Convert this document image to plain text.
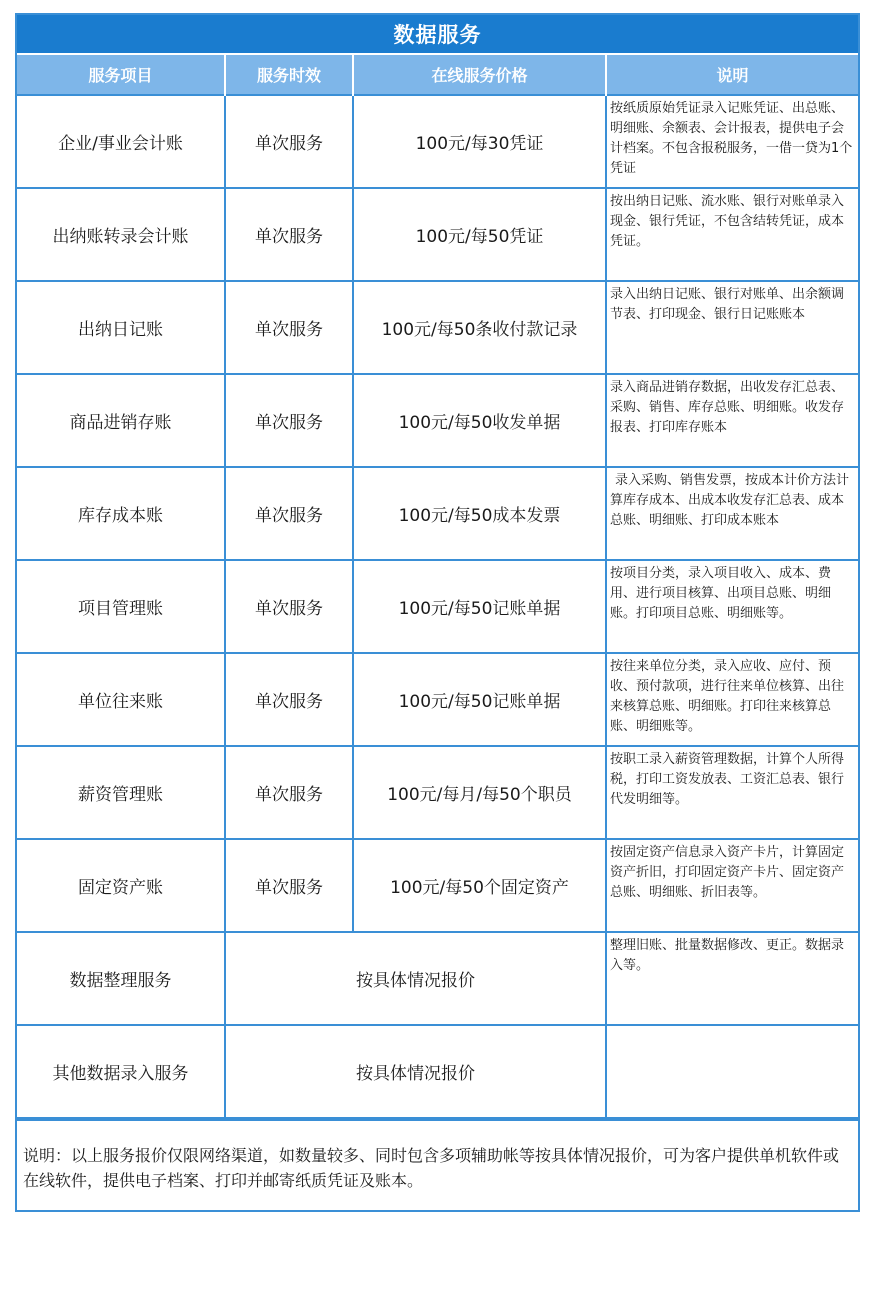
数据服务
服务项目	服务时效	在线服务价格	说明
企业/事业会计账	单次服务	100元/每30凭证	按纸质原始凭证录入记账凭证、出总账、明细账、余额表、会计报表，提供电子会计档案。不包含报税服务，一借一贷为1个凭证
出纳账转录会计账	单次服务	100元/每50凭证	按出纳日记账、流水账、银行对账单录入现金、银行凭证，不包含结转凭证，成本凭证。
出纳日记账	单次服务	100元/每50条收付款记录	录入出纳日记账、银行对账单、出余额调节表、打印现金、银行日记账账本
商品进销存账	单次服务	100元/每50收发单据	录入商品进销存数据，出收发存汇总表、采购、销售、库存总账、明细账。收发存报表、打印库存账本
库存成本账	单次服务	100元/每50成本发票	录入采购、销售发票，按成本计价方法计算库存成本、出成本收发存汇总表、成本总账、明细账、打印成本账本
项目管理账	单次服务	100元/每50记账单据	按项目分类，录入项目收入、成本、费用、进行项目核算、出项目总账、明细账。打印项目总账、明细账等。
单位往来账	单次服务	100元/每50记账单据	按往来单位分类，录入应收、应付、预收、预付款项，进行往来单位核算、出往来核算总账、明细账。打印往来核算总账、明细账等。
薪资管理账	单次服务	100元/每月/每50个职员	按职工录入薪资管理数据，计算个人所得税，打印工资发放表、工资汇总表、银行代发明细等。
固定资产账	单次服务	100元/每50个固定资产	按固定资产信息录入资产卡片，计算固定资产折旧，打印固定资产卡片、固定资产总账、明细账、折旧表等。
数据整理服务	按具体情况报价		整理旧账、批量数据修改、更正。数据录入等。
其他数据录入服务	按具体情况报价		
说明：以上服务报价仅限网络渠道，如数量较多、同时包含多项辅助帐等按具体情况报价，可为客户提供单机软件或在线软件，提供电子档案、打印并邮寄纸质凭证及账本。
